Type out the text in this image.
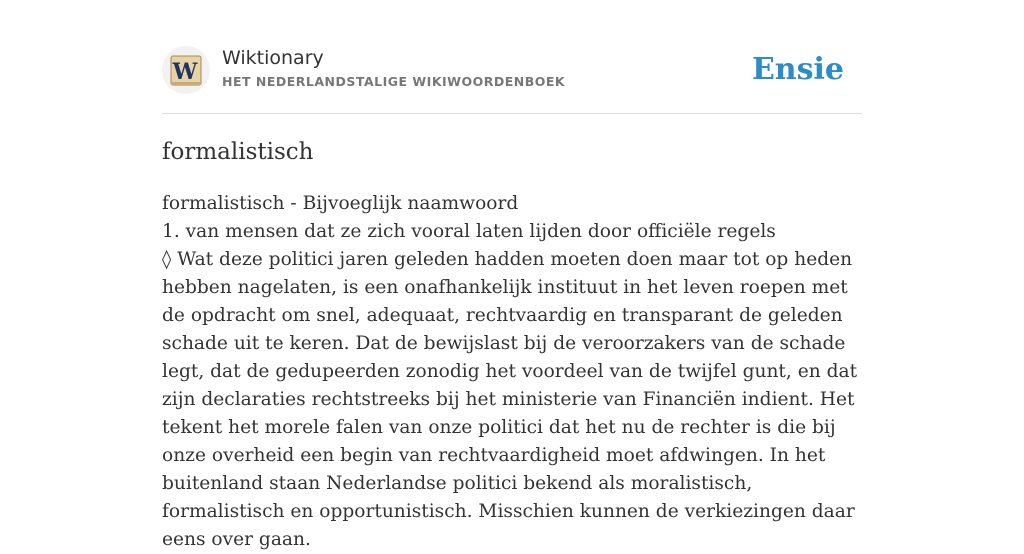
W
Wiktionary
HET NEDERLANDSTALIGE WIKIWOORDENBOEK	Ensie
formalistisch

formalistisch - Bijvoeglijk naamwoord

1. van mensen dat ze zich vooral laten lijden door officiële regels

◊ Wat deze politici jaren geleden hadden moeten doen maar tot op heden hebben nagelaten, is een onafhankelijk instituut in het leven roepen met de opdracht om snel, adequaat, rechtvaardig en transparant de geleden schade uit te keren. Dat de bewijslast bij de veroorzakers van de schade legt, dat de gedupeerden zonodig het voordeel van de twijfel gunt, en dat zijn declaraties rechtstreeks bij het ministerie van Financiën indient. Het tekent het morele falen van onze politici dat het nu de rechter is die bij onze overheid een begin van rechtvaardigheid moet afdwingen. In het buitenland staan Nederlandse politici bekend als moralistisch, formalistisch en opportunistisch. Misschien kunnen de verkiezingen daar eens over gaan.
